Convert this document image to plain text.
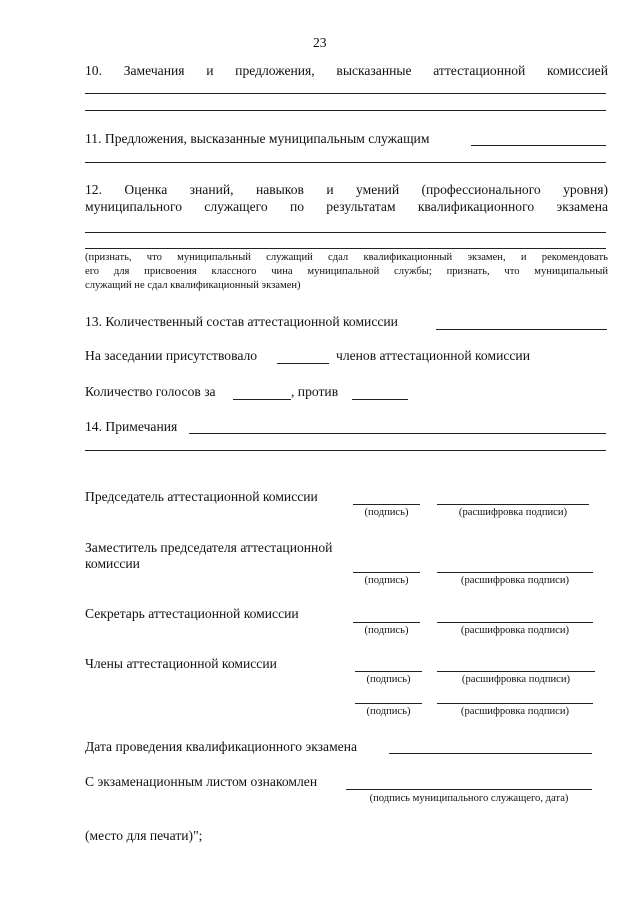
23
10. Замечания и предложения, высказанные аттестационной комиссией
11. Предложения, высказанные муниципальным служащим
12. Оценка знаний, навыков и умений (профессионального уровня)
муниципального служащего по результатам квалификационного экзамена
(признать, что муниципальный служащий сдал квалификационный экзамен, и рекомендовать
его для присвоения классного чина муниципальной службы; признать, что муниципальный
служащий не сдал квалификационный экзамен)
13. Количественный состав аттестационной комиссии
На заседании присутствовало	членов аттестационной комиссии
Количество голосов за	, против
14. Примечания
Председатель аттестационной комиссии
(подпись)	(расшифровка подписи)
Заместитель председателя аттестационной
комиссии
(подпись)	(расшифровка подписи)
Секретарь аттестационной комиссии
(подпись)	(расшифровка подписи)
Члены аттестационной комиссии
(подпись)	(расшифровка подписи)
(подпись)	(расшифровка подписи)
Дата проведения квалификационного экзамена
С экзаменационным листом ознакомлен
(подпись муниципального служащего, дата)
(место для печати)";
